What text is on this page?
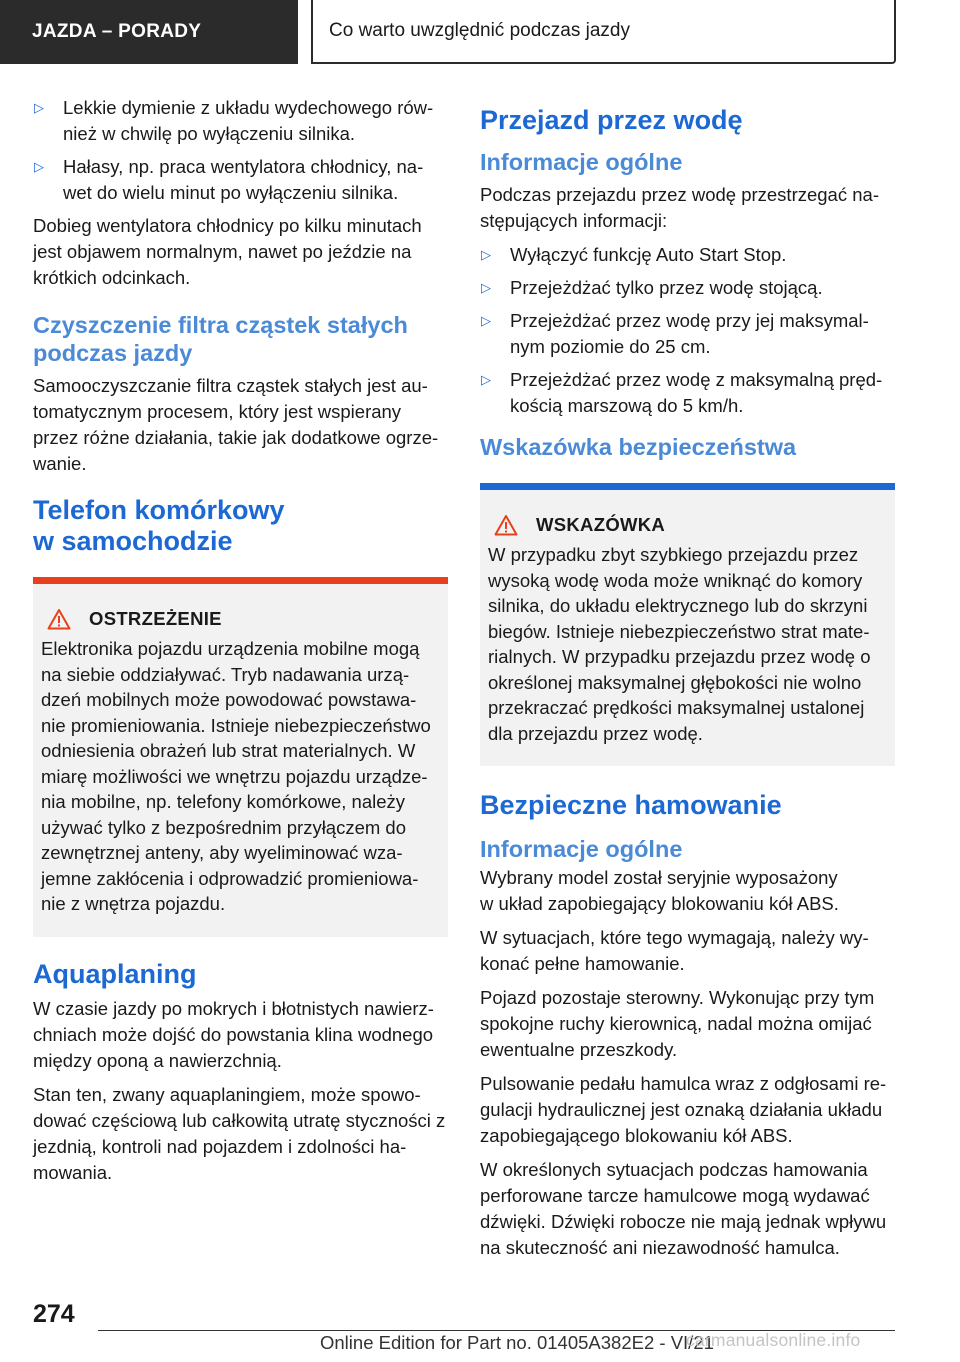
JAZDA – PORADY	Co warto uwzględnić podczas jazdy
▷ Lekkie dymienie z układu wydechowego rów-
nież w chwilę po wyłączeniu silnika.
▷ Hałasy, np. praca wentylatora chłodnicy, na-
wet do wielu minut po wyłączeniu silnika.

Dobieg wentylatora chłodnicy po kilku minutach jest objawem normalnym, nawet po jeździe na krótkich odcinkach.

Czyszczenie filtra cząstek stałych podczas jazdy

Samooczyszczanie filtra cząstek stałych jest au- tomatycznym procesem, który jest wspierany przez różne działania, takie jak dodatkowe ogrze- wanie.

Telefon komórkowy
w samochodzie
OSTRZEŻENIE

Elektronika pojazdu urządzenia mobilne mogą na siebie oddziaływać. Tryb nadawania urzą- dzeń mobilnych może powodować powstawa- nie promieniowania. Istnieje niebezpieczeństwo odniesienia obrażeń lub strat materialnych. W miarę możliwości we wnętrzu pojazdu urządze- nia mobilne, np. telefony komórkowe, należy używać tylko z bezpośrednim przyłączem do zewnętrznej anteny, aby wyeliminować wza- jemne zakłócenia i odprowadzić promieniowa- nie z wnętrza pojazdu.

Aquaplaning

W czasie jazdy po mokrych i błotnistych nawierz- chniach może dojść do powstania klina wodnego między oponą a nawierzchnią.

Stan ten, zwany aquaplaningiem, może spowo- dować częściową lub całkowitą utratę styczności z jezdnią, kontroli nad pojazdem i zdolności ha- mowania.

Przejazd przez wodę
Informacje ogólne

Podczas przejazdu przez wodę przestrzegać na- stępujących informacji:

▷ Wyłączyć funkcję Auto Start Stop.
▷ Przejeżdżać tylko przez wodę stojącą.
▷ Przejeżdżać przez wodę przy jej maksymal- nym poziomie do 25 cm.
▷ Przejeżdżać przez wodę z maksymalną pręd- kością marszową do 5 km/h.
Wskazówka bezpieczeństwa
WSKAZÓWKA

W przypadku zbyt szybkiego przejazdu przez wysoką wodę woda może wniknąć do komory silnika, do układu elektrycznego lub do skrzyni biegów. Istnieje niebezpieczeństwo strat mate- rialnych. W przypadku przejazdu przez wodę o określonej maksymalnej głębokości nie wolno przekraczać prędkości maksymalnej ustalonej dla przejazdu przez wodę.

Bezpieczne hamowanie
Informacje ogólne

Wybrany model został seryjnie wyposażony
w układ zapobiegający blokowaniu kół ABS.

W sytuacjach, które tego wymagają, należy wy- konać pełne hamowanie.

Pojazd pozostaje sterowny. Wykonując przy tym spokojne ruchy kierownicą, nadal można omijać ewentualne przeszkody.

Pulsowanie pedału hamulca wraz z odgłosami re- gulacji hydraulicznej jest oznaką działania układu zapobiegającego blokowaniu kół ABS.

W określonych sytuacjach podczas hamowania perforowane tarcze hamulcowe mogą wydawać dźwięki. Dźwięki robocze nie mają jednak wpływu na skuteczność ani niezawodność hamulca.

274
Online Edition for Part no. 01405A382E2 - VI/21
carmanualsonline.info
